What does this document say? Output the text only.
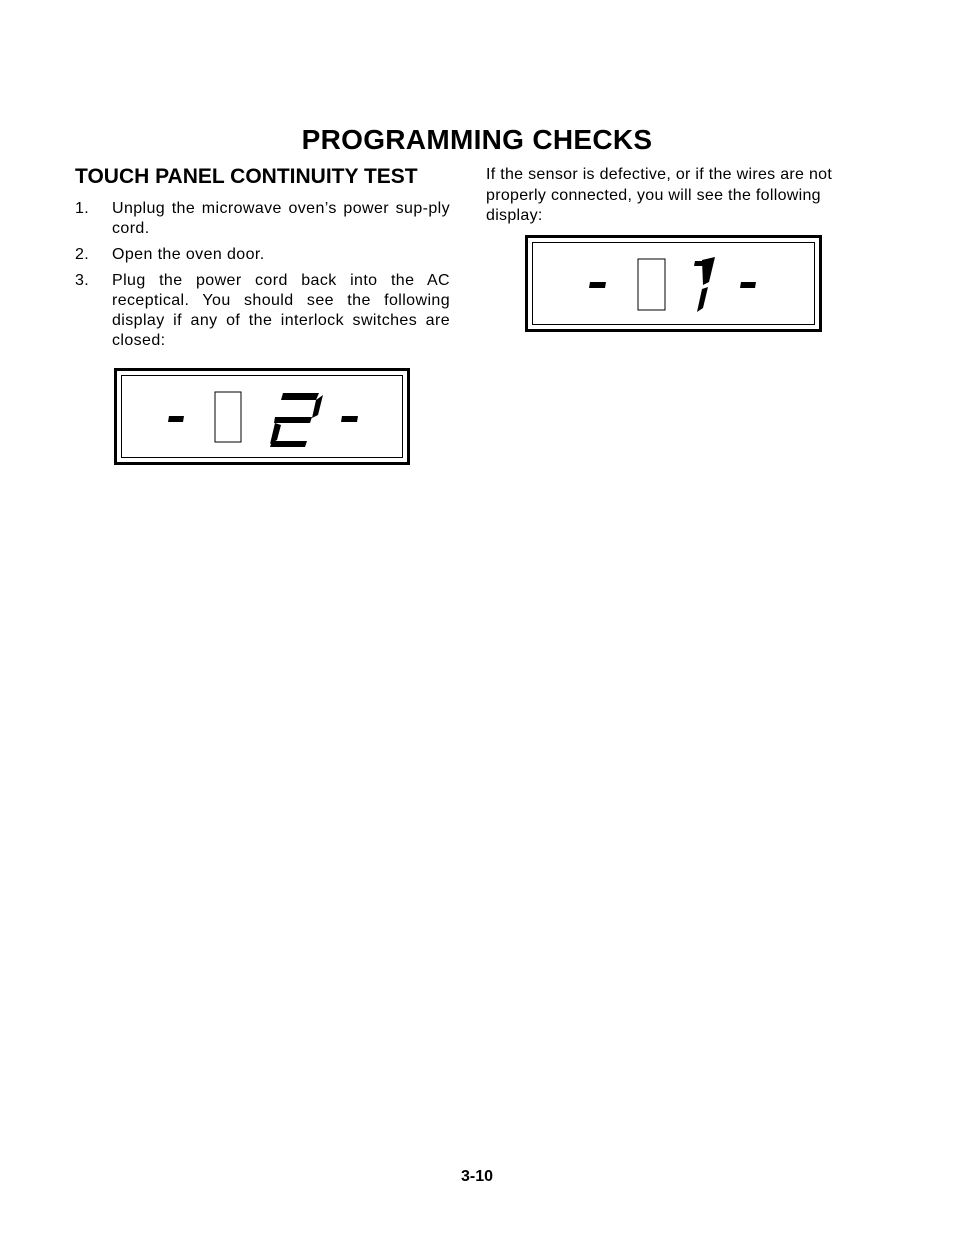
PROGRAMMING CHECKS
TOUCH PANEL CONTINUITY TEST
1.	Unplug the microwave oven’s power sup-ply cord.
2.	Open the oven door.
3.	Plug the power cord back into the AC receptical. You should see the following display if any of the interlock switches are closed:

If the sensor is defective, or if the wires are not properly connected, you will see the following display:

3-10
